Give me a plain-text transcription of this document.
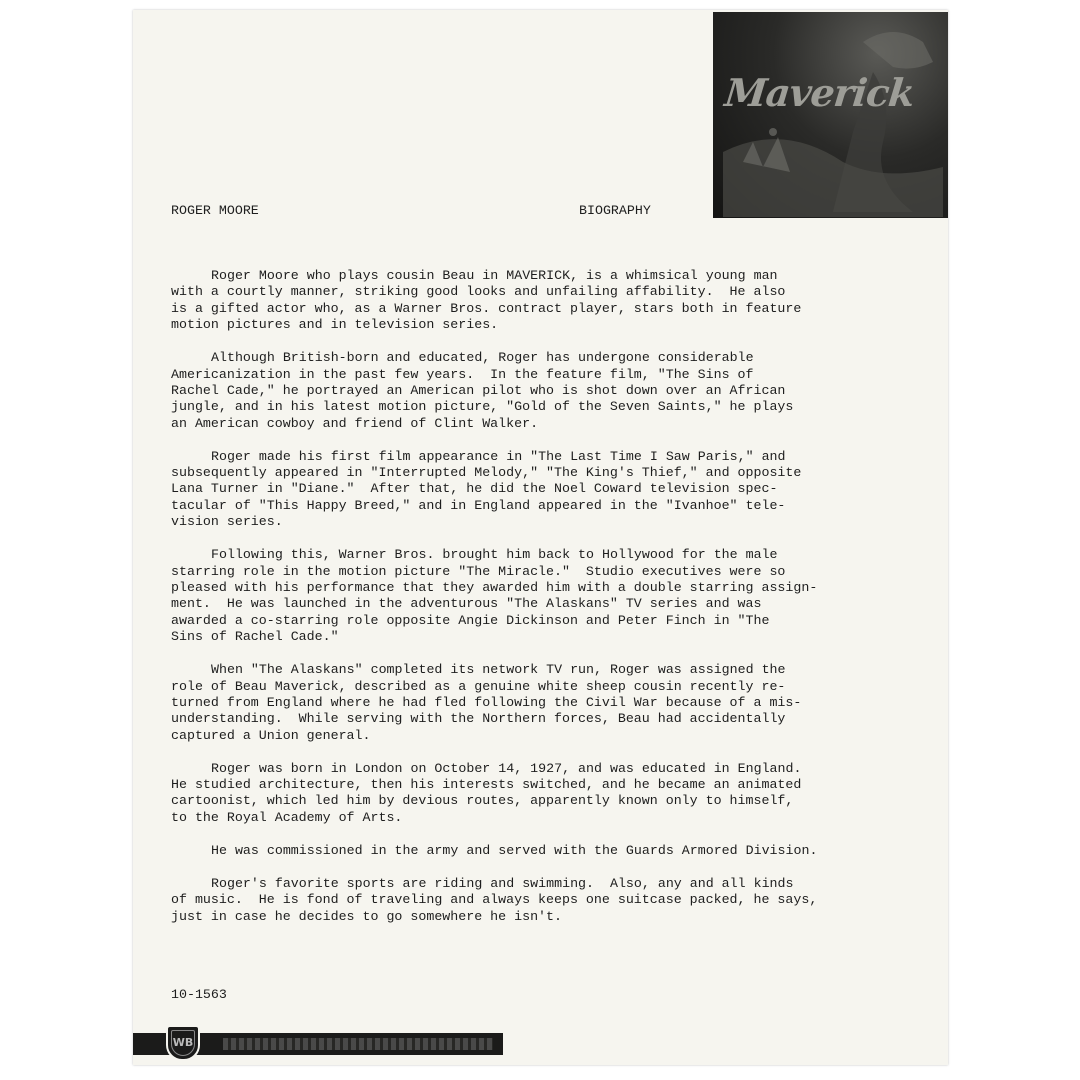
Maverick
ROGER MOORE	BIOGRAPHY
Roger Moore who plays cousin Beau in MAVERICK, is a whimsical young man
with a courtly manner, striking good looks and unfailing affability.  He also
is a gifted actor who, as a Warner Bros. contract player, stars both in feature
motion pictures and in television series.
Although British-born and educated, Roger has undergone considerable
Americanization in the past few years.  In the feature film, "The Sins of
Rachel Cade," he portrayed an American pilot who is shot down over an African
jungle, and in his latest motion picture, "Gold of the Seven Saints," he plays
an American cowboy and friend of Clint Walker.
Roger made his first film appearance in "The Last Time I Saw Paris," and
subsequently appeared in "Interrupted Melody," "The King's Thief," and opposite
Lana Turner in "Diane."  After that, he did the Noel Coward television spec-
tacular of "This Happy Breed," and in England appeared in the "Ivanhoe" tele-
vision series.
Following this, Warner Bros. brought him back to Hollywood for the male
starring role in the motion picture "The Miracle."  Studio executives were so
pleased with his performance that they awarded him with a double starring assign-
ment.  He was launched in the adventurous "The Alaskans" TV series and was
awarded a co-starring role opposite Angie Dickinson and Peter Finch in "The
Sins of Rachel Cade."
When "The Alaskans" completed its network TV run, Roger was assigned the
role of Beau Maverick, described as a genuine white sheep cousin recently re-
turned from England where he had fled following the Civil War because of a mis-
understanding.  While serving with the Northern forces, Beau had accidentally
captured a Union general.
Roger was born in London on October 14, 1927, and was educated in England.
He studied architecture, then his interests switched, and he became an animated
cartoonist, which led him by devious routes, apparently known only to himself,
to the Royal Academy of Arts.
He was commissioned in the army and served with the Guards Armored Division.
Roger's favorite sports are riding and swimming.  Also, any and all kinds
of music.  He is fond of traveling and always keeps one suitcase packed, he says,
just in case he decides to go somewhere he isn't.
10-1563
WB
